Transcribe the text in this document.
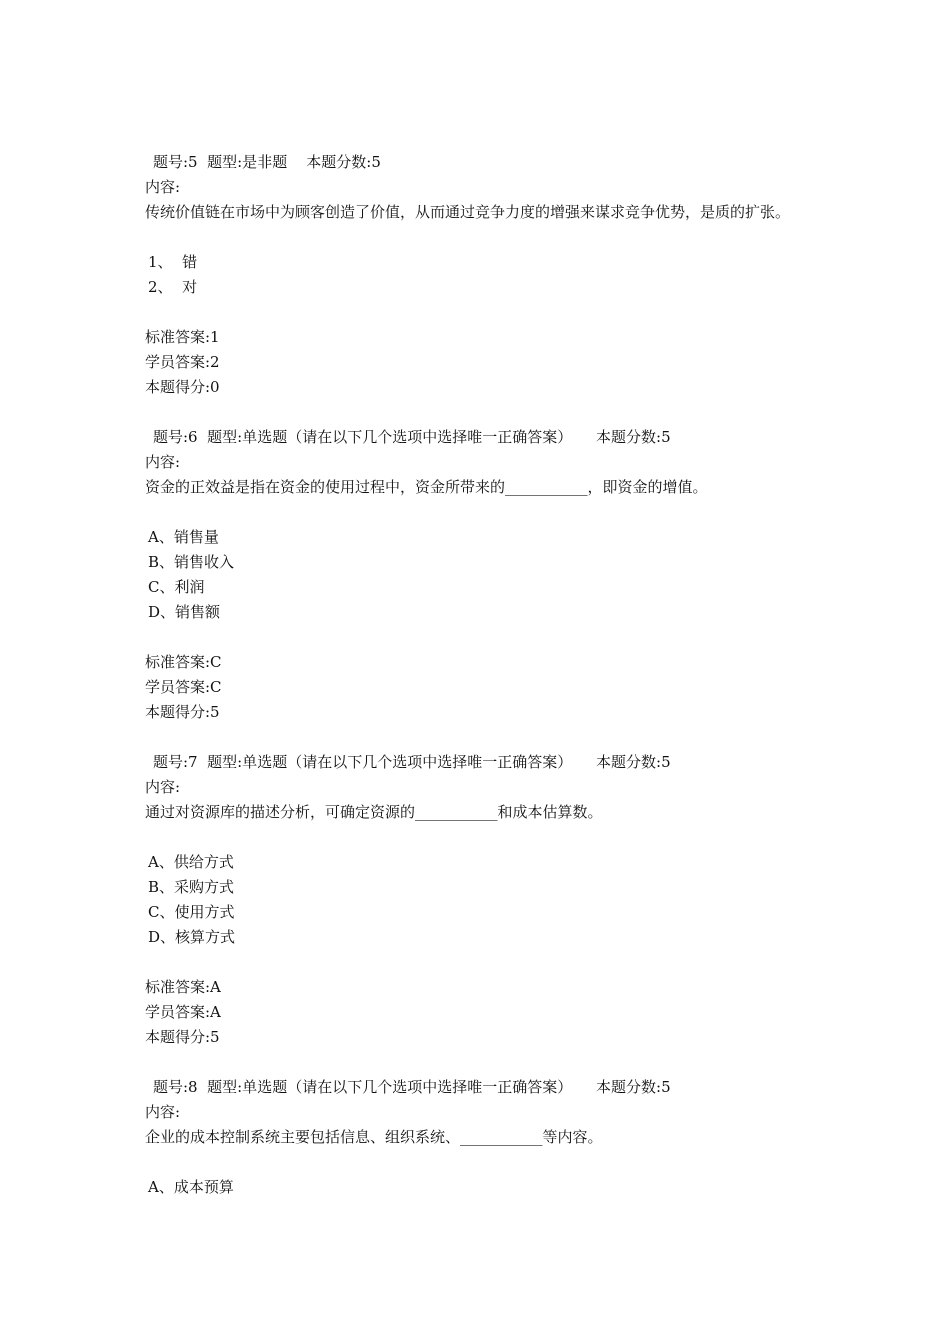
题号:5  题型:是非题    本题分数:5
内容:
传统价值链在市场中为顾客创造了价值，从而通过竞争力度的增强来谋求竞争优势，是质的扩张。
1、  错
2、  对
标准答案:1
学员答案:2
本题得分:0
题号:6  题型:单选题（请在以下几个选项中选择唯一正确答案）     本题分数:5
内容:
资金的正效益是指在资金的使用过程中，资金所带来的___________，即资金的增值。
A、销售量
B、销售收入
C、利润
D、销售额
标准答案:C
学员答案:C
本题得分:5
题号:7  题型:单选题（请在以下几个选项中选择唯一正确答案）     本题分数:5
内容:
通过对资源库的描述分析，可确定资源的___________和成本估算数。
A、供给方式
B、采购方式
C、使用方式
D、核算方式
标准答案:A
学员答案:A
本题得分:5
题号:8  题型:单选题（请在以下几个选项中选择唯一正确答案）     本题分数:5
内容:
企业的成本控制系统主要包括信息、组织系统、___________等内容。
A、成本预算
